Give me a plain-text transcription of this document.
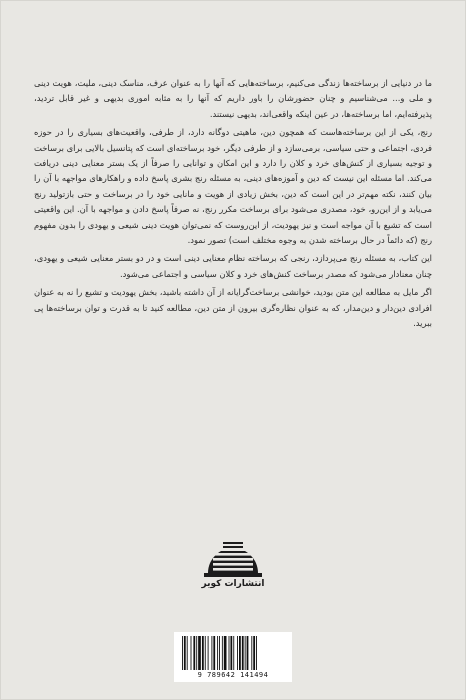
ما در دنیایی از برساخته‌ها زندگی می‌کنیم، برساخته‌هایی که آنها را به عنوان عرف، مناسک دینی، ملیت، هویت دینی و ملی و... می‌شناسیم و چنان حضورشان را باور داریم که آنها را به مثابه اموری بدیهی و غیر قابل تردید، پذیرفته‌ایم، اما برساخته‌ها، در عین اینکه واقعی‌اند، بدیهی نیستند.

رنج، یکی از این برساخته‌هاست که همچون دین، ماهیتی دوگانه دارد، از طرفی، واقعیت‌های بسیاری را در حوزه فردی، اجتماعی و حتی سیاسی، برمی‌سازد و از طرفی دیگر، خود برساخته‌ای است که پتانسیل بالایی برای برساخت و توجیه بسیاری از کنش‌های خرد و کلان را دارد و این امکان و توانایی را صرفاً از یک بستر معنایی دینی دریافت می‌کند. اما مسئله این نیست که دین و آموزه‌های دینی، به مسئله رنج بشری پاسخ داده و راهکارهای مواجهه با آن را بیان کنند، نکته مهم‌تر در این است که دین، بخش زیادی از هویت و مانایی خود را در برساخت و حتی بازتولید رنج می‌یابد و از این‌رو، خود، مصدری می‌شود برای برساخت مکرر رنج، نه صرفاً پاسخ دادن و مواجهه با آن. این واقعیتی است که تشیع با آن مواجه است و نیز یهودیت، از این‌روست که نمی‌توان هویت دینی شیعی و یهودی را بدون مفهوم رنج (که دائماً در حال برساخته شدن به وجوه مختلف است) تصور نمود.

این کتاب، به مسئله رنج می‌پردازد، رنجی که برساخته نظام معنایی دینی است و در دو بستر معنایی شیعی و یهودی، چنان معنادار می‌شود که مصدر برساخت کنش‌های خرد و کلان سیاسی و اجتماعی می‌شود.

اگر مایل به مطالعه این متن بودید، خوانشی برساخت‌گرایانه از آن داشته باشید، بخش یهودیت و تشیع را نه به عنوان افرادی دین‌دار و دین‌مدار، که به عنوان نظاره‌گری بیرون از متن دین، مطالعه کنید تا به قدرت و توان برساخته‌ها پی ببرید.

انتشارات کویر
9 789642 141494
